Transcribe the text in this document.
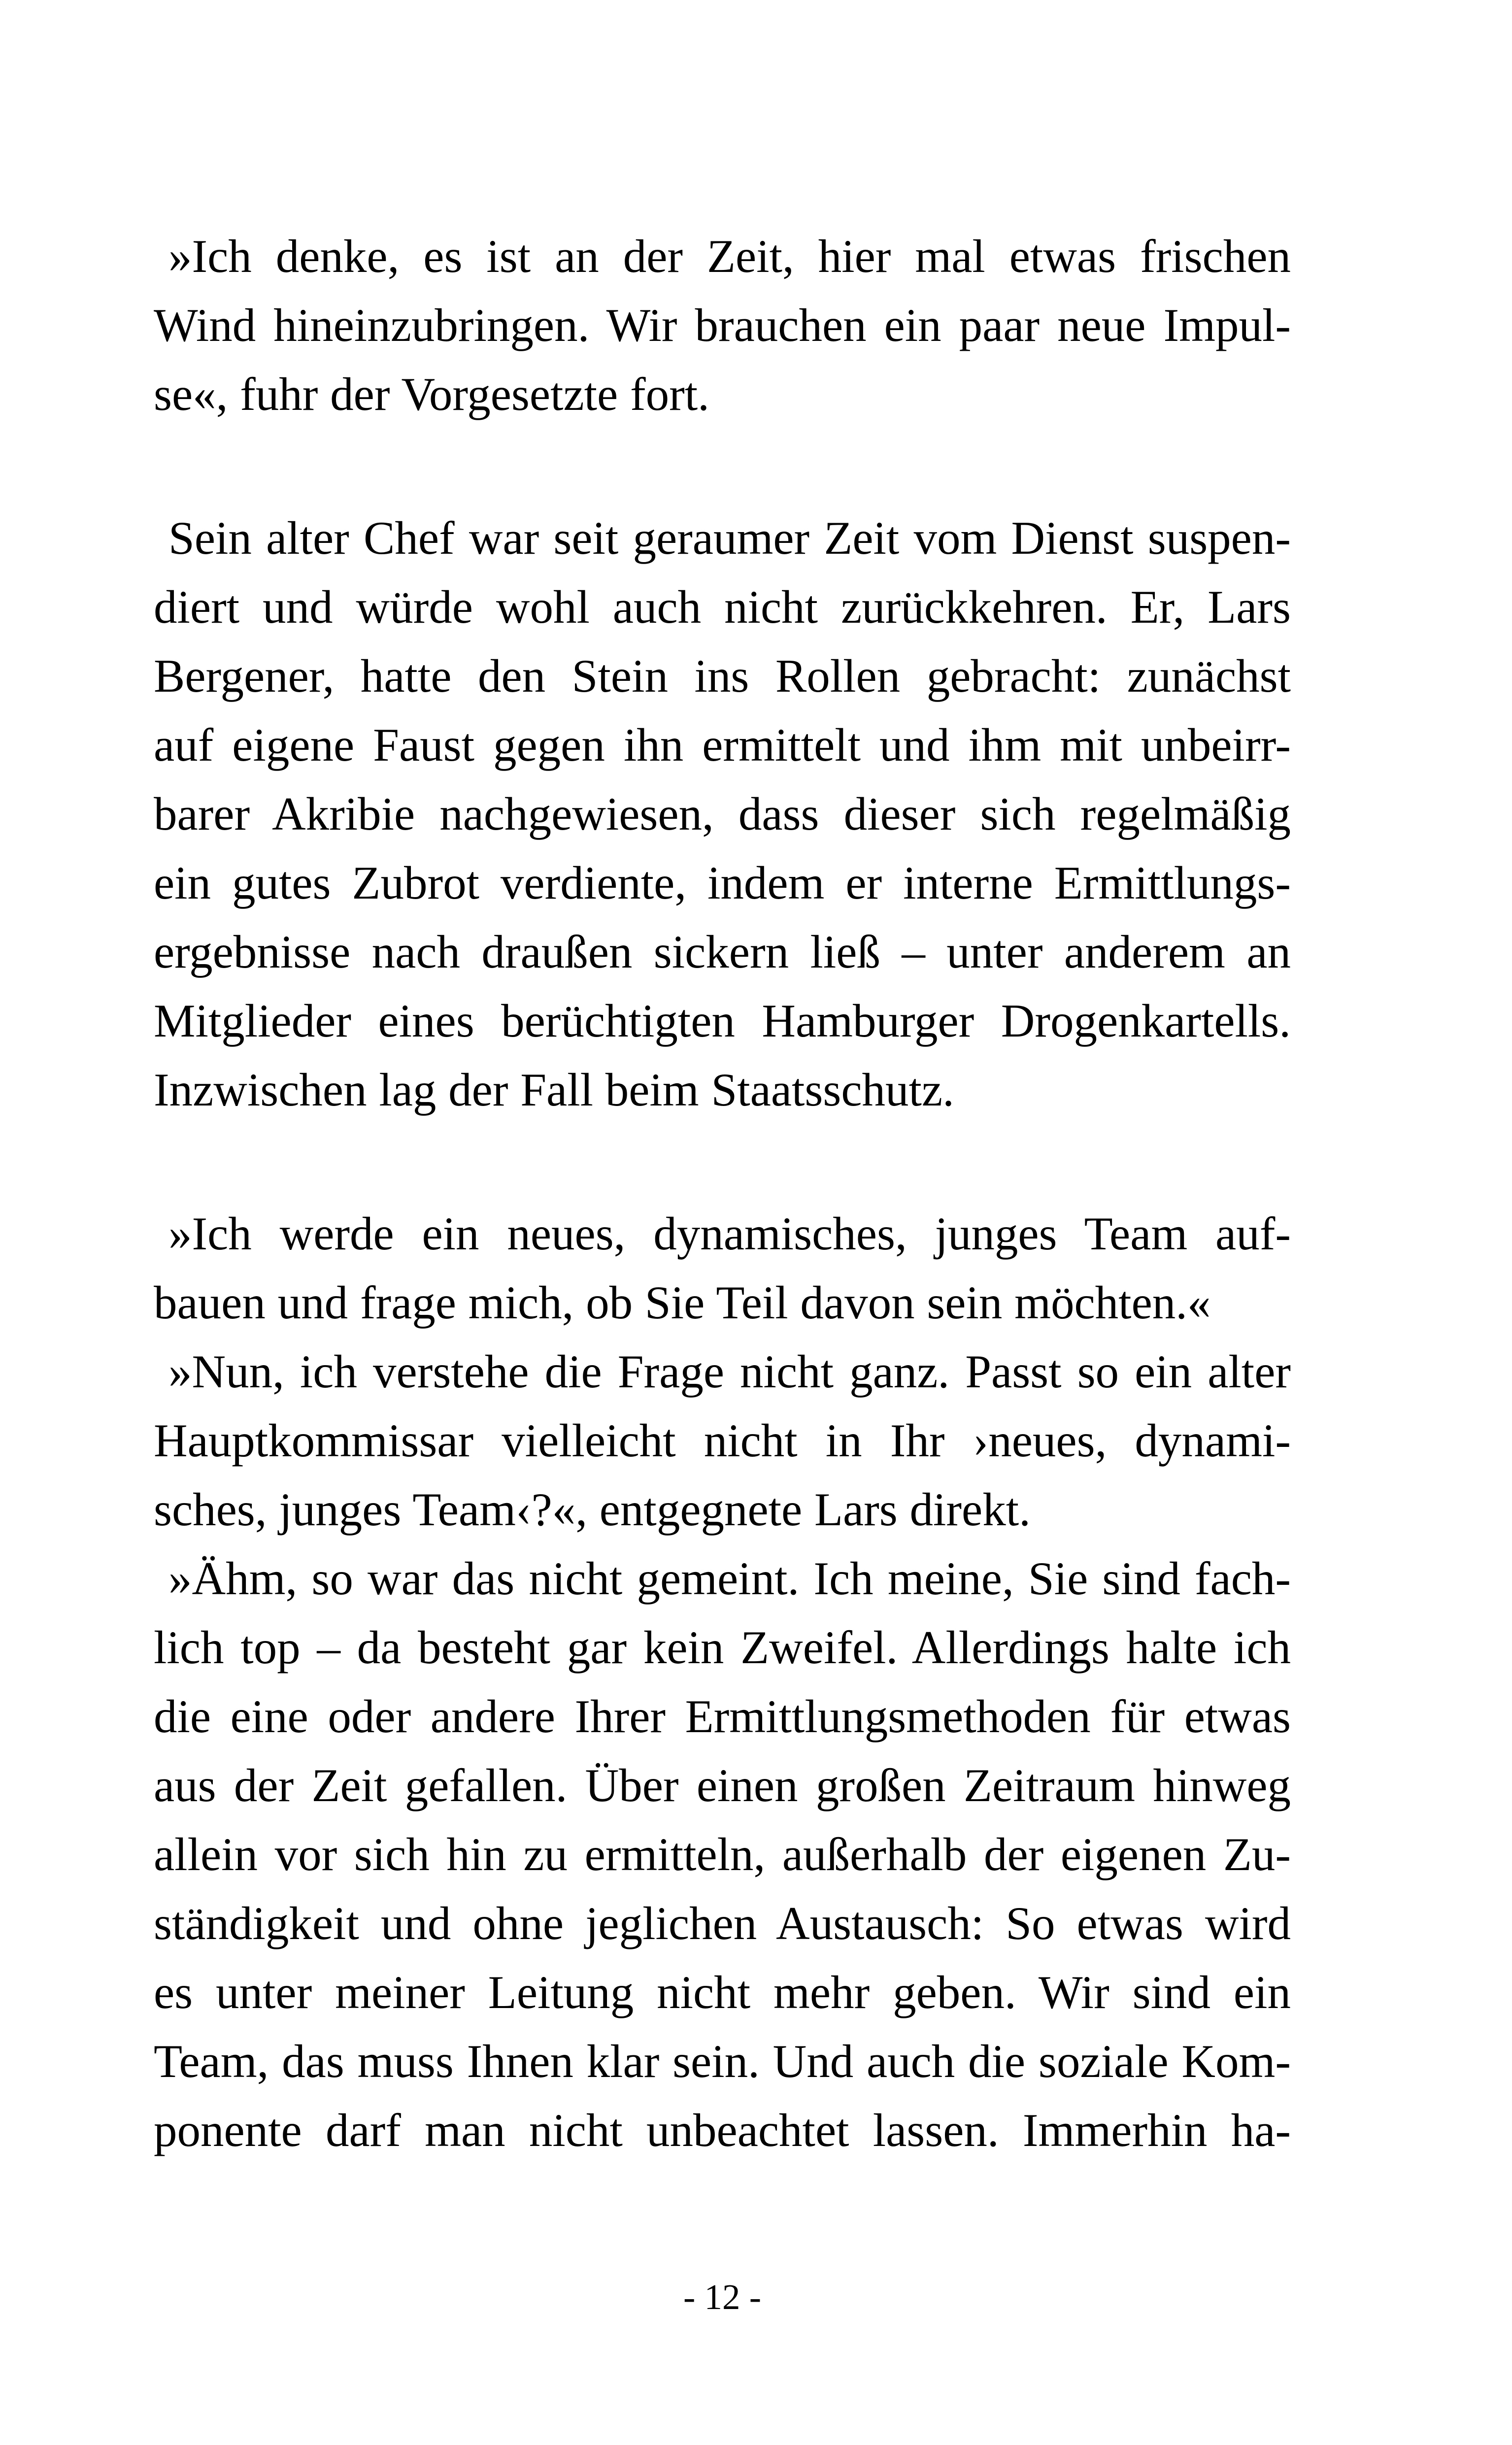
»Ich denke, es ist an der Zeit, hier mal etwas frischen
Wind hineinzubringen. Wir brauchen ein paar neue Impul-
se«, fuhr der Vorgesetzte fort.
Sein alter Chef war seit geraumer Zeit vom Dienst suspen-
diert und würde wohl auch nicht zurückkehren. Er, Lars
Bergener, hatte den Stein ins Rollen gebracht: zunächst
auf eigene Faust gegen ihn ermittelt und ihm mit unbeirr-
barer Akribie nachgewiesen, dass dieser sich regelmäßig
ein gutes Zubrot verdiente, indem er interne Ermittlungs-
ergebnisse nach draußen sickern ließ – unter anderem an
Mitglieder eines berüchtigten Hamburger Drogenkartells.
Inzwischen lag der Fall beim Staatsschutz.
»Ich werde ein neues, dynamisches, junges Team auf-
bauen und frage mich, ob Sie Teil davon sein möchten.«
»Nun, ich verstehe die Frage nicht ganz. Passt so ein alter
Hauptkommissar vielleicht nicht in Ihr ›neues, dynami-
sches, junges Team‹?«, entgegnete Lars direkt.
»Ähm, so war das nicht gemeint. Ich meine, Sie sind fach-
lich top – da besteht gar kein Zweifel. Allerdings halte ich
die eine oder andere Ihrer Ermittlungsmethoden für etwas
aus der Zeit gefallen. Über einen großen Zeitraum hinweg
allein vor sich hin zu ermitteln, außerhalb der eigenen Zu-
ständigkeit und ohne jeglichen Austausch: So etwas wird
es unter meiner Leitung nicht mehr geben. Wir sind ein
Team, das muss Ihnen klar sein. Und auch die soziale Kom-
ponente darf man nicht unbeachtet lassen. Immerhin ha-
- 12 -
